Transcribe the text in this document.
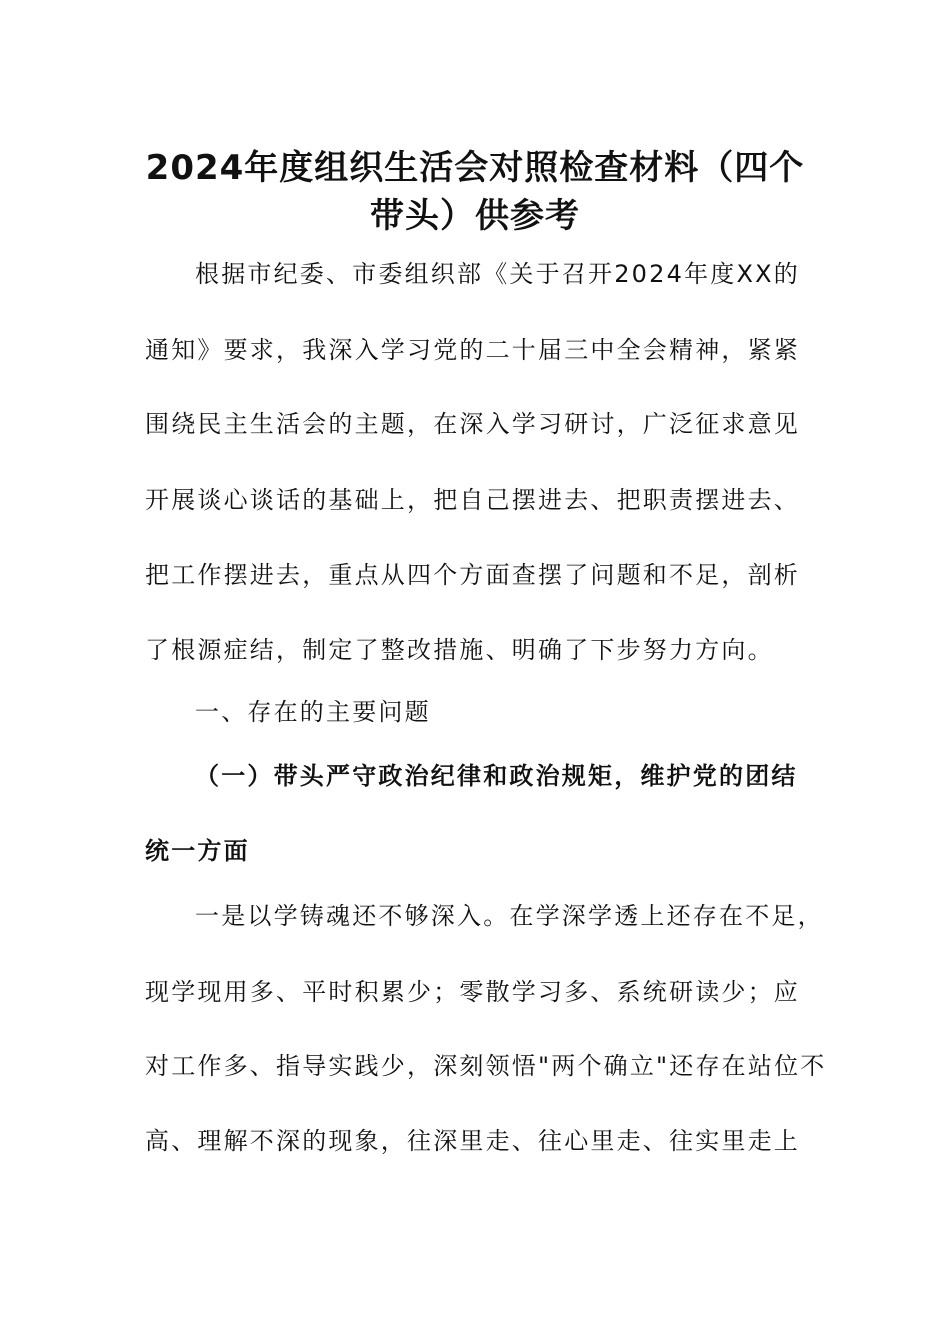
2024年度组织生活会对照检查材料（四个
带头）供参考
根据市纪委、市委组织部《关于召开2024年度XX的
通知》要求，我深入学习党的二十届三中全会精神，紧紧
围绕民主生活会的主题，在深入学习研讨，广泛征求意见
开展谈心谈话的基础上，把自己摆进去、把职责摆进去、
把工作摆进去，重点从四个方面查摆了问题和不足，剖析
了根源症结，制定了整改措施、明确了下步努力方向。
一、存在的主要问题
（一）带头严守政治纪律和政治规矩，维护党的团结
统一方面
一是以学铸魂还不够深入。在学深学透上还存在不足，
现学现用多、平时积累少；零散学习多、系统研读少；应
对工作多、指导实践少，深刻领悟"两个确立"还存在站位不
高、理解不深的现象，往深里走、往心里走、往实里走上
